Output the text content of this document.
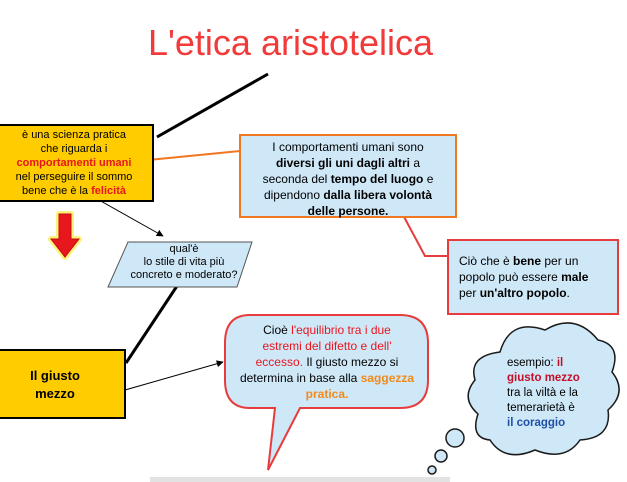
L'etica aristotelica
è una scienza pratica
che riguarda i
comportamenti umani
nel perseguire il sommo
bene che è la felicità
qual'è
lo stile di vita più
concreto e moderato?
Il giusto
mezzo
I comportamenti umani sono
diversi gli uni dagli altri a
seconda del tempo del luogo e
dipendono dalla libera volontà
delle persone.
Ciò che è bene per un
popolo può essere male
per un'altro popolo.
Cioè l'equilibrio tra i due
estremi del difetto e dell'
eccesso. Il giusto mezzo si
determina in base alla saggezza
pratica.
esempio: il
giusto mezzo
tra la viltà e la
temerarietà è
il coraggio
